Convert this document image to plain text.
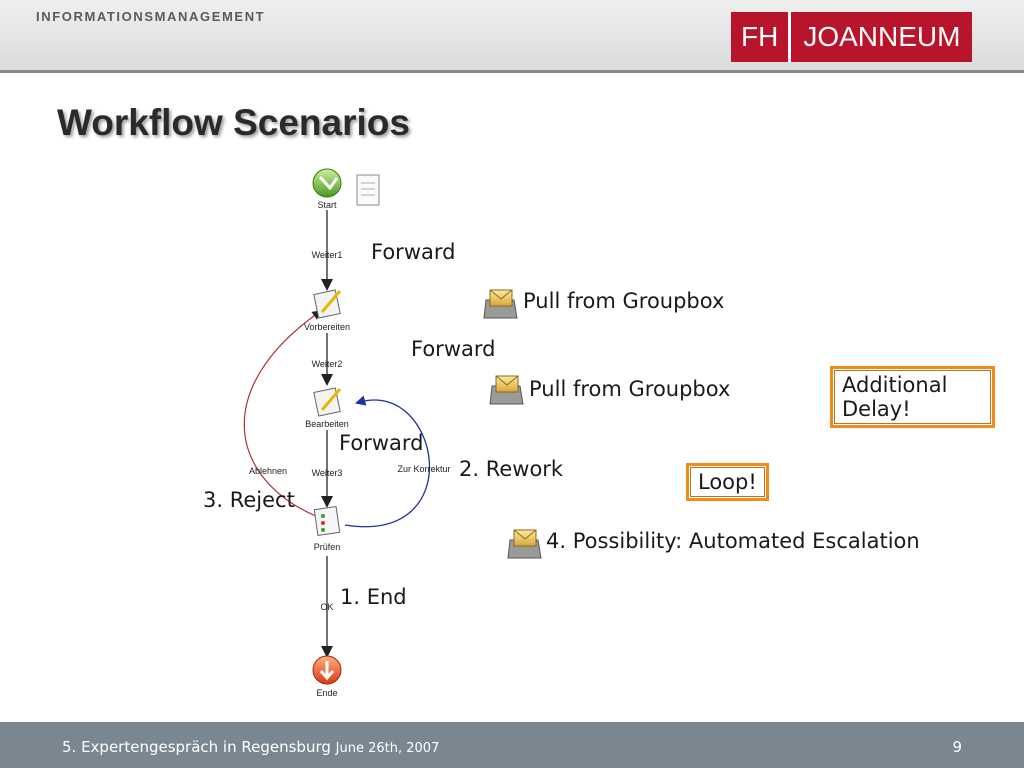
INFORMATIONSMANAGEMENT
FH JOANNEUM
Workflow Scenarios
Start
Vorbereiten
Bearbeiten
Prüfen
Ende
Weiter1
Weiter2
Weiter3
Ablehnen	Zur Korrektur
OK
Forward
Pull from Groupbox
Forward
Pull from Groupbox
Forward
2. Rework
3. Reject
1. End
4. Possibility: Automated Escalation
Additional Delay!
Loop!
5. Expertengespräch in Regensburg June 26th, 2007	9
